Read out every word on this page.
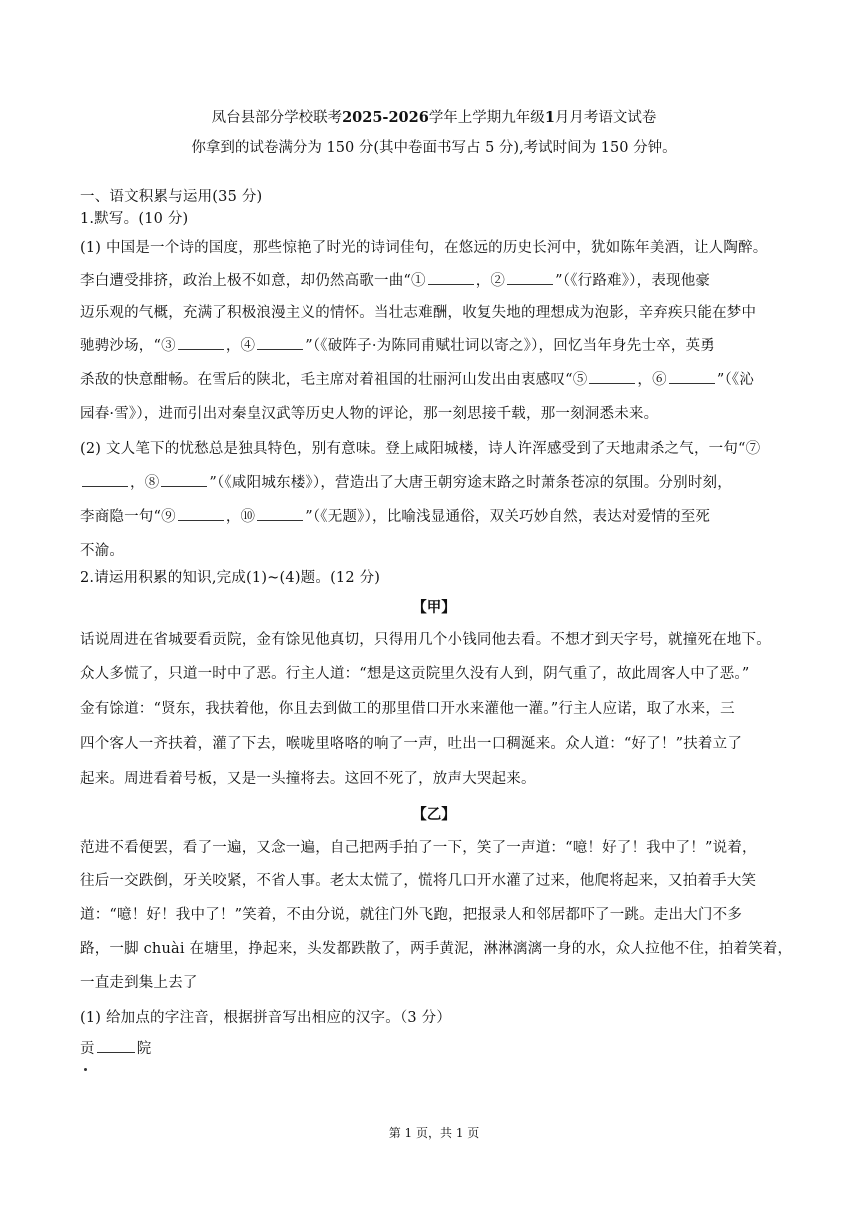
凤台县部分学校联考2025-2026学年上学期九年级1月月考语文试卷
你拿到的试卷满分为 150 分(其中卷面书写占 5 分),考试时间为 150 分钟。
一、语文积累与运用(35 分)
1.默写。(10 分)
(1) 中国是一个诗的国度，那些惊艳了时光的诗词佳句，在悠远的历史长河中，犹如陈年美酒，让人陶醉。
李白遭受排挤，政治上极不如意，却仍然高歌一曲“①	，②	”（《行路难》），表现他豪
迈乐观的气概，充满了积极浪漫主义的情怀。当壮志难酬，收复失地的理想成为泡影，辛弃疾只能在梦中
驰骋沙场，“③	，④	”（《破阵子·为陈同甫赋壮词以寄之》），回忆当年身先士卒，英勇
杀敌的快意酣畅。在雪后的陕北，毛主席对着祖国的壮丽河山发出由衷感叹“⑤	，⑥	”（《沁
园春·雪》），进而引出对秦皇汉武等历史人物的评论，那一刻思接千载，那一刻洞悉未来。
(2) 文人笔下的忧愁总是独具特色，别有意味。登上咸阳城楼，诗人许浑感受到了天地肃杀之气，一句“⑦
，⑧	”（《咸阳城东楼》），营造出了大唐王朝穷途末路之时萧条苍凉的氛围。分别时刻，
李商隐一句“⑨	，⑩	”（《无题》），比喻浅显通俗，双关巧妙自然，表达对爱情的至死
不渝。
2.请运用积累的知识,完成(1)~(4)题。(12 分)
【甲】
话说周进在省城要看贡院，金有馀见他真切，只得用几个小钱同他去看。不想才到天字号，就撞死在地下。
众人多慌了，只道一时中了恶。行主人道：“想是这贡院里久没有人到，阴气重了，故此周客人中了恶。”
金有馀道：“贤东，我扶着他，你且去到做工的那里借口开水来灌他一灌。”行主人应诺，取了水来，三
四个客人一齐扶着，灌了下去，喉咙里咯咯的响了一声，吐出一口稠涎来。众人道：“好了！”扶着立了
起来。周进看着号板，又是一头撞将去。这回不死了，放声大哭起来。
【乙】
范进不看便罢，看了一遍，又念一遍，自己把两手拍了一下，笑了一声道：“噫！好了！我中了！”说着，
往后一交跌倒，牙关咬紧，不省人事。老太太慌了，慌将几口开水灌了过来，他爬将起来，又拍着手大笑
道：“噫！好！我中了！”笑着，不由分说，就往门外飞跑，把报录人和邻居都吓了一跳。走出大门不多
路，一脚 chuài 在塘里，挣起来，头发都跌散了，两手黄泥，淋淋漓漓一身的水，众人拉他不住，拍着笑着，
一直走到集上去了
(1) 给加点的字注音，根据拼音写出相应的汉字。（3 分）
贡	院
第 1 页，共 1 页
